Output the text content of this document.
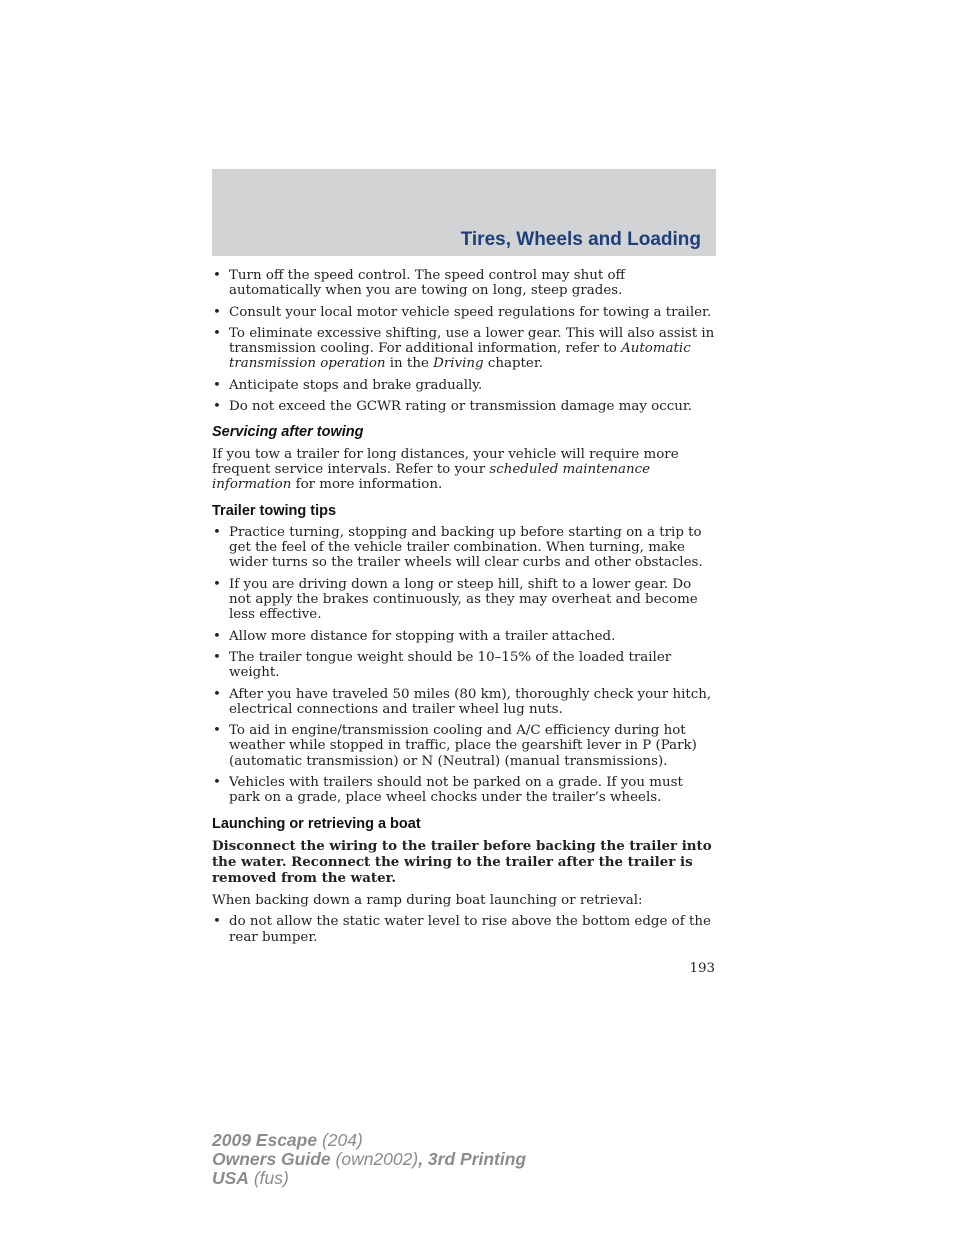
Tires, Wheels and Loading
• Turn off the speed control. The speed control may shut off automatically when you are towing on long, steep grades.
• Consult your local motor vehicle speed regulations for towing a trailer.
• To eliminate excessive shifting, use a lower gear. This will also assist in transmission cooling. For additional information, refer to Automatic transmission operation in the Driving chapter.
• Anticipate stops and brake gradually.
• Do not exceed the GCWR rating or transmission damage may occur.
Servicing after towing

If you tow a trailer for long distances, your vehicle will require more frequent service intervals. Refer to your scheduled maintenance information for more information.

Trailer towing tips
• Practice turning, stopping and backing up before starting on a trip to get the feel of the vehicle trailer combination. When turning, make wider turns so the trailer wheels will clear curbs and other obstacles.
• If you are driving down a long or steep hill, shift to a lower gear. Do not apply the brakes continuously, as they may overheat and become less effective.
• Allow more distance for stopping with a trailer attached.
• The trailer tongue weight should be 10–15% of the loaded trailer weight.
• After you have traveled 50 miles (80 km), thoroughly check your hitch, electrical connections and trailer wheel lug nuts.
• To aid in engine/transmission cooling and A/C efficiency during hot weather while stopped in traffic, place the gearshift lever in P (Park) (automatic transmission) or N (Neutral) (manual transmissions).
• Vehicles with trailers should not be parked on a grade. If you must park on a grade, place wheel chocks under the trailer’s wheels.
Launching or retrieving a boat

Disconnect the wiring to the trailer before backing the trailer into the water. Reconnect the wiring to the trailer after the trailer is removed from the water.

When backing down a ramp during boat launching or retrieval:

• do not allow the static water level to rise above the bottom edge of the rear bumper.
193
2009 Escape (204)
Owners Guide (own2002), 3rd Printing
USA (fus)
